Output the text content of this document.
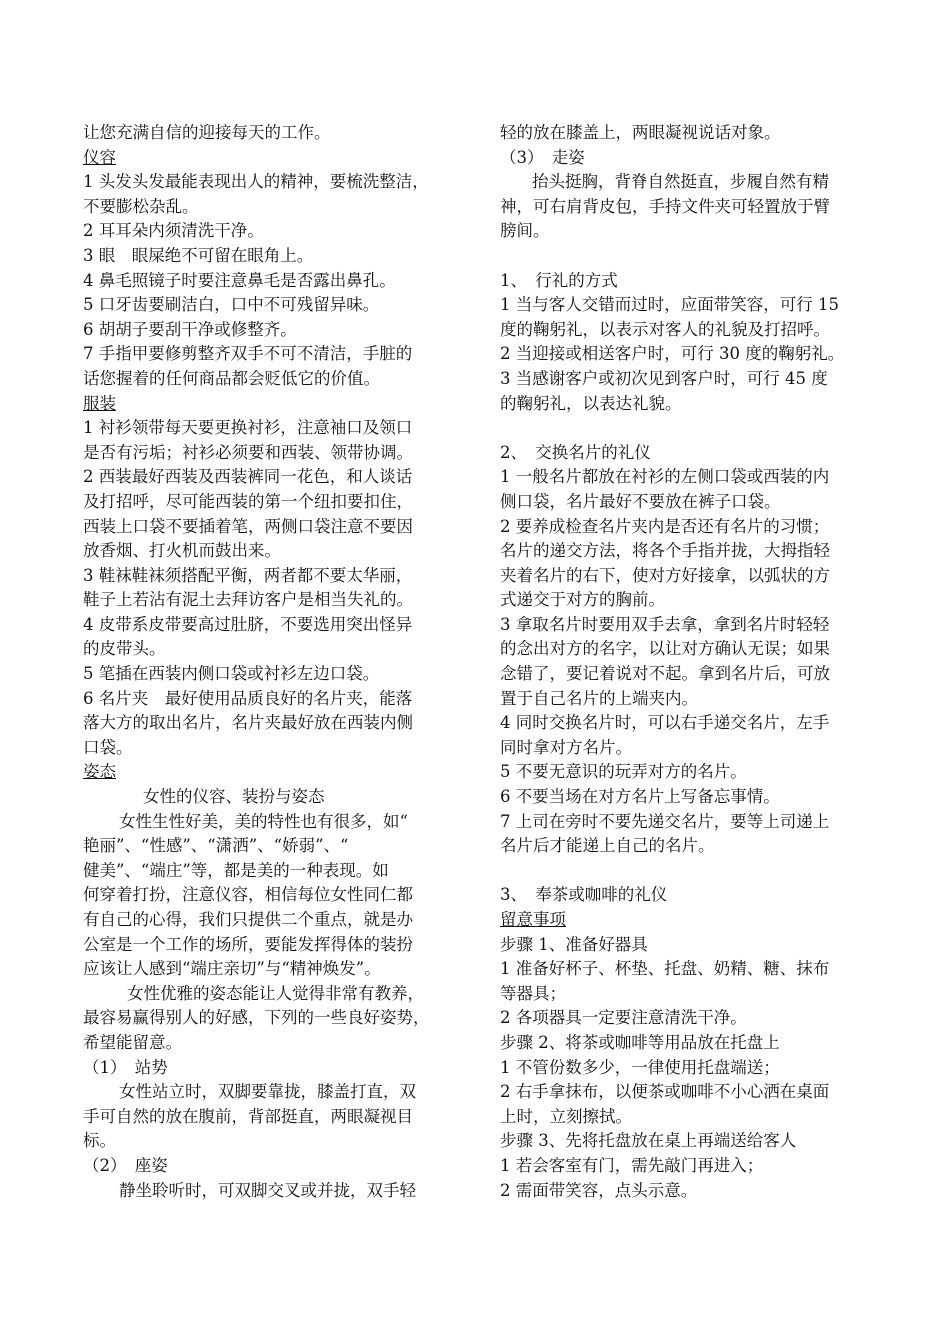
让您充满自信的迎接每天的工作。
仪容
1 头发头发最能表现出人的精神，要梳洗整洁，
不要膨松杂乱。
2 耳耳朵内须清洗干净。
3 眼　眼屎绝不可留在眼角上。
4 鼻毛照镜子时要注意鼻毛是否露出鼻孔。
5 口牙齿要刷洁白，口中不可残留异味。
6 胡胡子要刮干净或修整齐。
7 手指甲要修剪整齐双手不可不清洁，手脏的
话您握着的任何商品都会贬低它的价值。
服装
1 衬衫领带每天要更换衬衫，注意袖口及领口
是否有污垢；衬衫必须要和西装、领带协调。
2 西装最好西装及西装裤同一花色，和人谈话
及打招呼，尽可能西装的第一个纽扣要扣住，
西装上口袋不要插着笔，两侧口袋注意不要因
放香烟、打火机而鼓出来。
3 鞋袜鞋袜须搭配平衡，两者都不要太华丽，
鞋子上若沾有泥土去拜访客户是相当失礼的。
4 皮带系皮带要高过肚脐，不要选用突出怪异
的皮带头。
5 笔插在西装内侧口袋或衬衫左边口袋。
6 名片夹　最好使用品质良好的名片夹，能落
落大方的取出名片，名片夹最好放在西装内侧
口袋。
姿态
女性的仪容、装扮与姿态
女性生性好美，美的特性也有很多，如“
艳丽”、“性感”、“潇洒”、“娇弱”、“
健美”、“端庄”等，都是美的一种表现。如
何穿着打扮，注意仪容，相信每位女性同仁都
有自己的心得，我们只提供二个重点，就是办
公室是一个工作的场所，要能发挥得体的装扮
应该让人感到“端庄亲切”与“精神焕发”。
女性优雅的姿态能让人觉得非常有教养，
最容易赢得别人的好感，下列的一些良好姿势，
希望能留意。
（1）　站势
女性站立时，双脚要靠拢，膝盖打直，双
手可自然的放在腹前，背部挺直，两眼凝视目
标。
（2）　座姿
静坐聆听时，可双脚交叉或并拢，双手轻
轻的放在膝盖上，两眼凝视说话对象。
（3）　走姿
抬头挺胸，背脊自然挺直，步履自然有精
神，可右肩背皮包，手持文件夹可轻置放于臂
膀间。
1、　行礼的方式
1 当与客人交错而过时，应面带笑容，可行 15
度的鞠躬礼，以表示对客人的礼貌及打招呼。
2 当迎接或相送客户时，可行 30 度的鞠躬礼。
3 当感谢客户或初次见到客户时，可行 45 度
的鞠躬礼，以表达礼貌。
2、　交换名片的礼仪
1 一般名片都放在衬衫的左侧口袋或西装的内
侧口袋，名片最好不要放在裤子口袋。
2 要养成检查名片夹内是否还有名片的习惯；
名片的递交方法，将各个手指并拢，大拇指轻
夹着名片的右下，使对方好接拿，以弧状的方
式递交于对方的胸前。
3 拿取名片时要用双手去拿，拿到名片时轻轻
的念出对方的名字，以让对方确认无误；如果
念错了，要记着说对不起。拿到名片后，可放
置于自己名片的上端夹内。
4 同时交换名片时，可以右手递交名片，左手
同时拿对方名片。
5 不要无意识的玩弄对方的名片。
6 不要当场在对方名片上写备忘事情。
7 上司在旁时不要先递交名片，要等上司递上
名片后才能递上自己的名片。
3、　奉茶或咖啡的礼仪
留意事项
步骤 1、准备好器具
1 准备好杯子、杯垫、托盘、奶精、糖、抹布
等器具；
2 各项器具一定要注意清洗干净。
步骤 2、将茶或咖啡等用品放在托盘上
1 不管份数多少，一律使用托盘端送；
2 右手拿抹布，以便茶或咖啡不小心洒在桌面
上时，立刻擦拭。
步骤 3、先将托盘放在桌上再端送给客人
1 若会客室有门，需先敲门再进入；
2 需面带笑容，点头示意。
